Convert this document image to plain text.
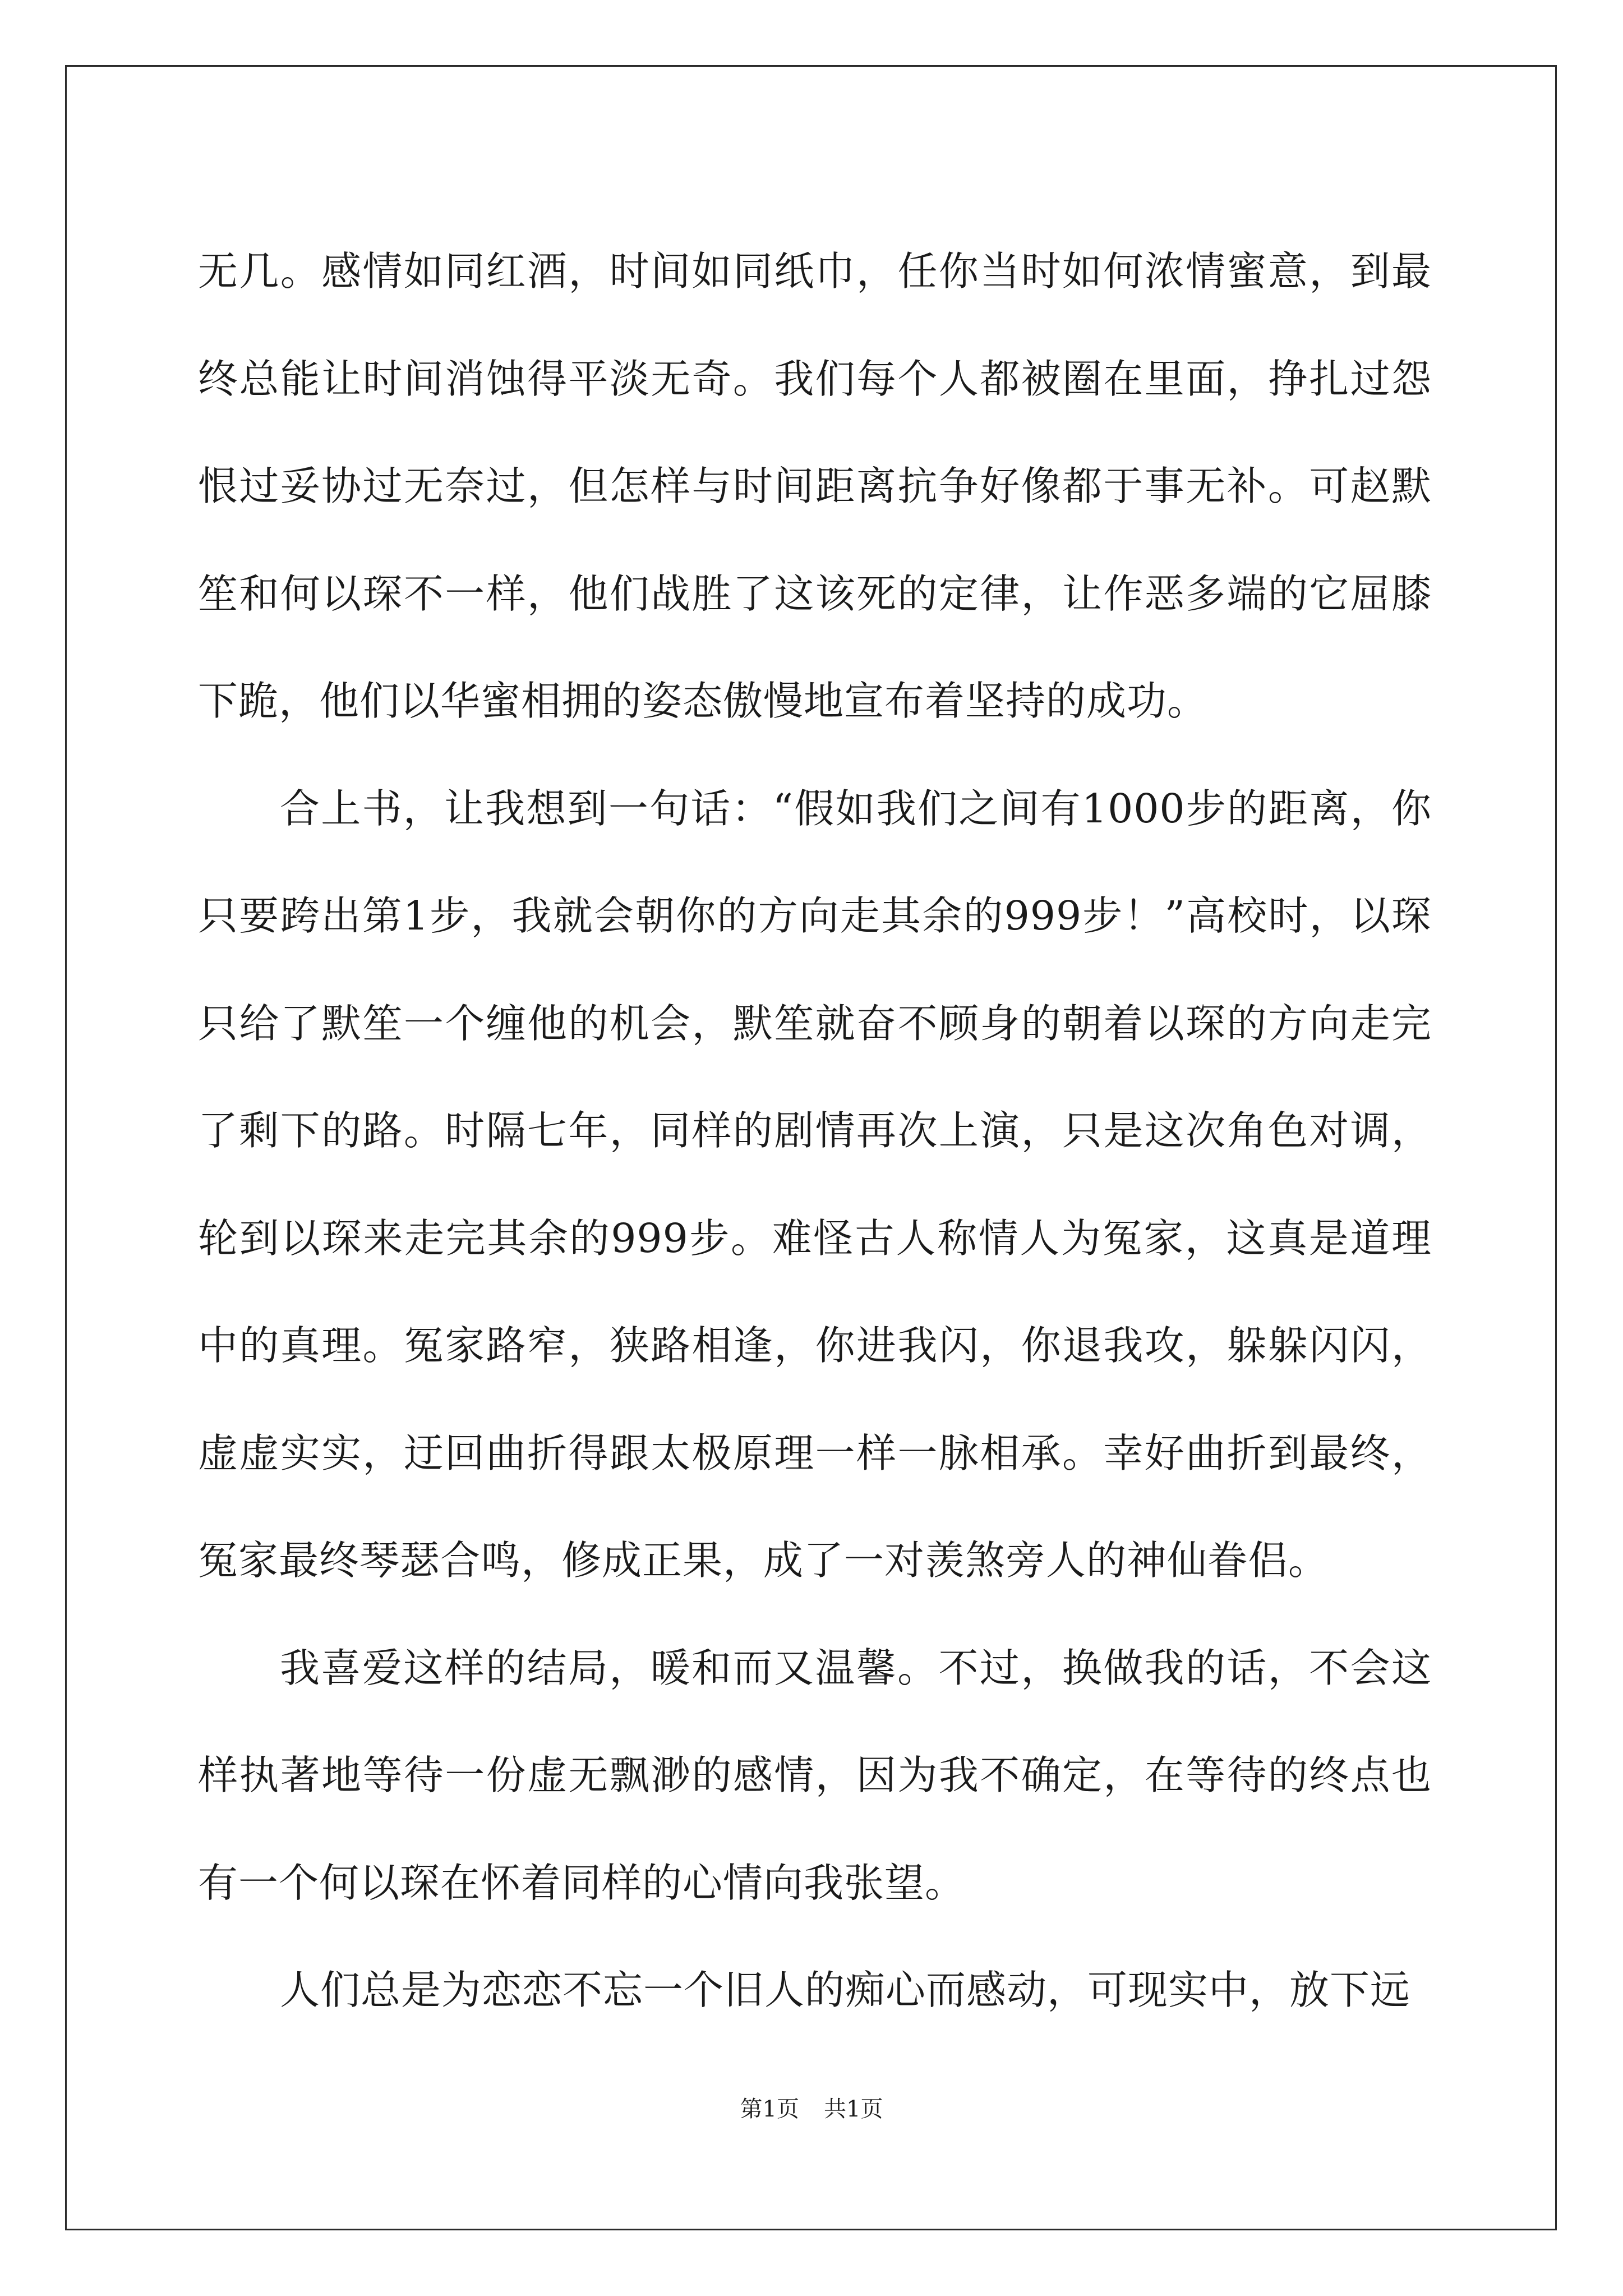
无几。感情如同红酒，时间如同纸巾，任你当时如何浓情蜜意，到最终总能让时间消蚀得平淡无奇。我们每个人都被圈在里面，挣扎过怨恨过妥协过无奈过，但怎样与时间距离抗争好像都于事无补。可赵默笙和何以琛不一样，他们战胜了这该死的定律，让作恶多端的它屈膝下跪，他们以华蜜相拥的姿态傲慢地宣布着坚持的成功。

合上书，让我想到一句话：“假如我们之间有1000步的距离，你只要跨出第1步，我就会朝你的方向走其余的999步！”高校时，以琛只给了默笙一个缠他的机会，默笙就奋不顾身的朝着以琛的方向走完了剩下的路。时隔七年，同样的剧情再次上演，只是这次角色对调，轮到以琛来走完其余的999步。难怪古人称情人为冤家，这真是道理中的真理。冤家路窄，狭路相逢，你进我闪，你退我攻，躲躲闪闪，虚虚实实，迂回曲折得跟太极原理一样一脉相承。幸好曲折到最终，冤家最终琴瑟合鸣，修成正果，成了一对羡煞旁人的神仙眷侣。

我喜爱这样的结局，暖和而又温馨。不过，换做我的话，不会这样执著地等待一份虚无飘渺的感情，因为我不确定，在等待的终点也有一个何以琛在怀着同样的心情向我张望。

人们总是为恋恋不忘一个旧人的痴心而感动，可现实中，放下远

第1页 共1页
